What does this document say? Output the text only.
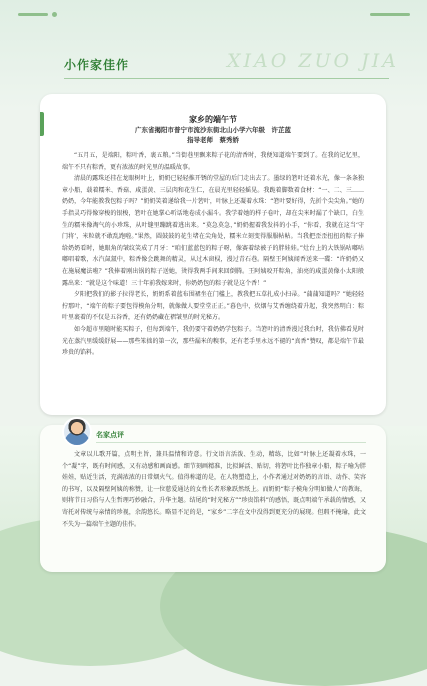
小作家佳作	XIAO ZUO JIA
家乡的端午节
广东省揭阳市普宁市流沙东街北山小学六年级　许芷蓝
指导老师　蔡秀娇

“五月五，是端阳，粽叶香，裹五粮。”当街巷里飘来粽子花的清香时，我便知道端午要到了。在我的记忆里，端午不只有粽香，更有浓浓的时光里的温暖故事。

清晨的露珠还挂在龙眼树叶上，奶奶已轻轻推开锈的堂屋的后门走出去了。墨绿的箬叶还着水光，像一条条独章小船，载着糯米、香菇、咸蛋黄、三层肉和花生仁，在晨光里轻轻摇晃。我跪着脚数着食材：“一、二、三……奶奶，今年能教我包粽子吗？”奶奶笑着递给我一片箬叶，叶脉上还凝着水珠：“箬叶要好得，先折个尖尖角。”她的手指灵巧得像穿梭的银梭，箬叶在她掌心听话地卷成小漏斗。我学着她的样子卷叶，却在尖米时漏了个缺口，白生生的糯米像淘气的小珍珠，从叶缝里蹦跳着逃出来。“莫急莫急，”奶奶握着我发抖的小手，“你看，我就在这当‘守门将’，米粒就不敢乱跑啦。”果然，圆鼓鼓的花生堵在尖角处，糯米立刻变得服服帖帖。当我把歪歪扭扭的粽子捧给奶奶看时，她眼角的皱纹笑成了月牙：“咱们蓝蓝包的粽子呀，像赛着绿被子的胖娃娃。”灶台上的大铁锅咕嘟咕嘟唱着歌，水汽氤氲中，粽香像会跳舞的精灵，从过木窗棂，漫过青石巷。隔壁王阿姨闻香送来一碟：“许奶奶又在施展魔法啦？”我捧着刚出锅的粽子送她，烫得我两手间来回倒腾。王阿姨咬开粽角，油亮的咸蛋黄像小太阳般露出来：“就是这个味道！三十年前我嫁来时，你奶奶包的粽子就是这个香！”

夕阳把我们的影子拉得老长，奶奶系着蓝布围裙坐在门槛上，教我把五草扎成小扫帚。“蒲蒲知道吗？”她轻轻拧那叶，“端午的粽子要包得模角分明，就像做人要堂堂正正。”暮色中，炊烟与艾香缠绕着升起，我突然明白：粽叶里裹着的不仅是五谷香，还有奶奶藏在褶皱里的时光秘方。

如今超市里随时能买粽子，但每到端午，我仍要守着奶奶学包粽子。当箬叶的清香漫过我台时，我仿佛看见时光在蒸汽里缓缓舒展——那些笨拙的第一次，那些漏米的糗事，还有老手里永远不褪的“真香”赞叹，都是端午节最珍贵的馅料。

名家点评
文章以儿歌开篇，点明主旨，兼具温情和诗意。行文语言活泼、生动，精练，比如“叶脉上还凝着水珠，一个“凝”字，既有时间感，又有动感和画面感。细节刻画精准，比拟鲜活、贴切，将箬叶比作独章小船，粽子喻为胖娃娃，贴近生活，充满浓浓的日常烟火气。值得称道的是，在人物塑造上，小作者通过对奶奶的言语、动作、笑容的书写，以及隔壁阿姨的称赞，让一位慈爱通达的女性长者形象跃然纸上。而奶奶“粽子模角分明如做人”的教诲，则将节日习俗与人生哲理巧妙融合，升华主题。结尾的“时光秘方”“珍贵馅料”的感悟，既点明端午承载的情感，又寄托对传统与亲情的珍视，余韵悠长。略显不足的是，“家乡”二字在文中没得到更充分的展现。但瑕不掩瑜，此文不失为一篇端午主题的佳作。
